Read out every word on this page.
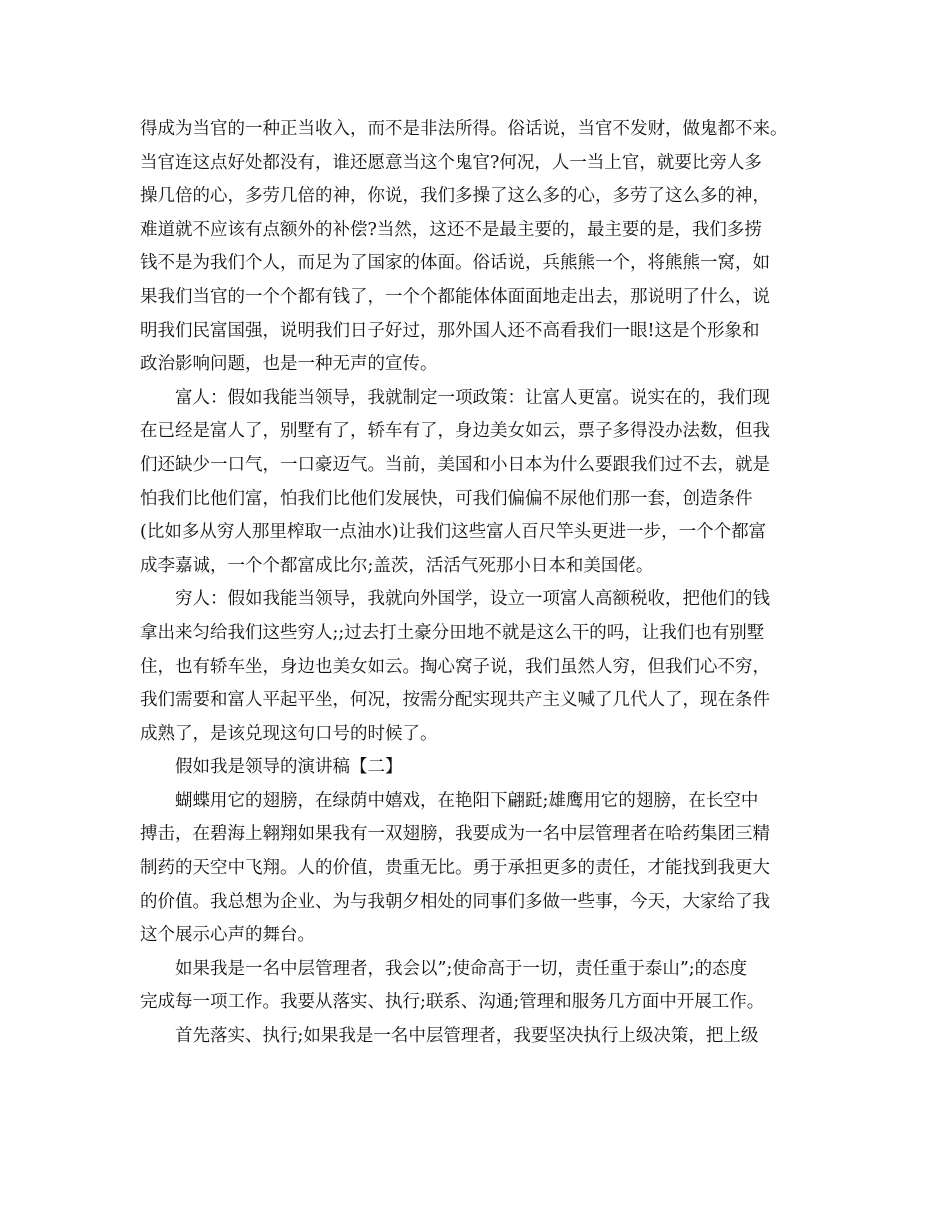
得成为当官的一种正当收入，而不是非法所得。俗话说，当官不发财，做鬼都不来。
当官连这点好处都没有，谁还愿意当这个鬼官?何况，人一当上官，就要比旁人多
操几倍的心，多劳几倍的神，你说，我们多操了这么多的心，多劳了这么多的神，
难道就不应该有点额外的补偿?当然，这还不是最主要的，最主要的是，我们多捞
钱不是为我们个人，而足为了国家的体面。俗话说，兵熊熊一个，将熊熊一窝，如
果我们当官的一个个都有钱了，一个个都能体体面面地走出去，那说明了什么，说
明我们民富国强，说明我们日子好过，那外国人还不高看我们一眼!这是个形象和
政治影响问题，也是一种无声的宣传。
富人：假如我能当领导，我就制定一项政策：让富人更富。说实在的，我们现
在已经是富人了，别墅有了，轿车有了，身边美女如云，票子多得没办法数，但我
们还缺少一口气，一口豪迈气。当前，美国和小日本为什么要跟我们过不去，就是
怕我们比他们富，怕我们比他们发展快，可我们偏偏不尿他们那一套，创造条件
(比如多从穷人那里榨取一点油水)让我们这些富人百尺竿头更进一步，一个个都富
成李嘉诚，一个个都富成比尔;盖茨，活活气死那小日本和美国佬。
穷人：假如我能当领导，我就向外国学，设立一项富人高额税收，把他们的钱
拿出来匀给我们这些穷人;;过去打土豪分田地不就是这么干的吗，让我们也有别墅
住，也有轿车坐，身边也美女如云。掏心窝子说，我们虽然人穷，但我们心不穷，
我们需要和富人平起平坐，何况，按需分配实现共产主义喊了几代人了，现在条件
成熟了，是该兑现这句口号的时候了。
假如我是领导的演讲稿【二】
蝴蝶用它的翅膀，在绿荫中嬉戏，在艳阳下翩跹;雄鹰用它的翅膀，在长空中
搏击，在碧海上翱翔如果我有一双翅膀，我要成为一名中层管理者在哈药集团三精
制药的天空中飞翔。人的价值，贵重无比。勇于承担更多的责任，才能找到我更大
的价值。我总想为企业、为与我朝夕相处的同事们多做一些事，今天，大家给了我
这个展示心声的舞台。
如果我是一名中层管理者，我会以”;使命高于一切，责任重于泰山”;的态度
完成每一项工作。我要从落实、执行;联系、沟通;管理和服务几方面中开展工作。
首先落实、执行;如果我是一名中层管理者，我要坚决执行上级决策，把上级
